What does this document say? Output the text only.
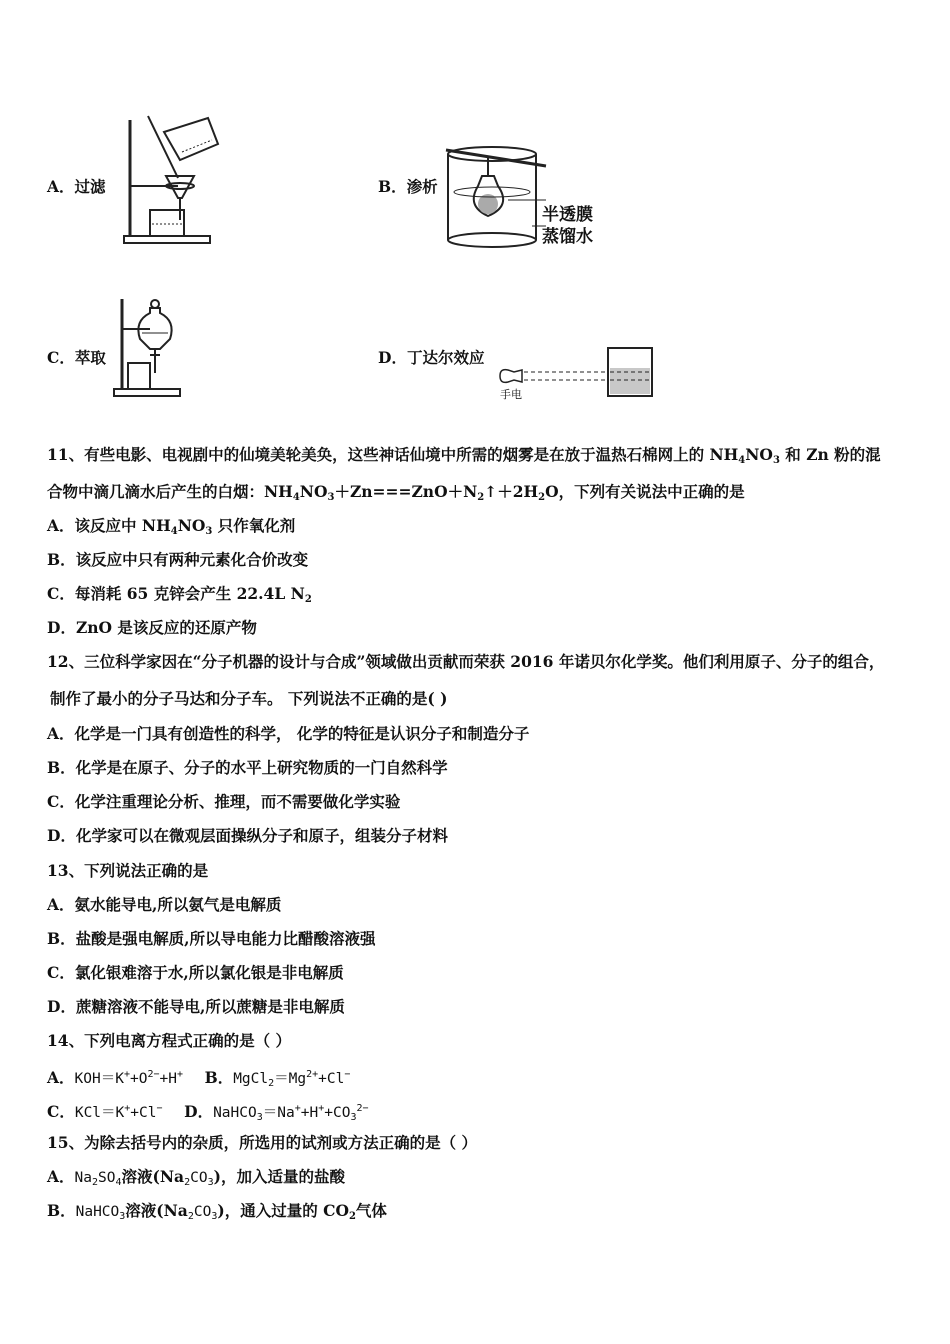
A．过滤	B．渗析
半透膜
蒸馏水
C．萃取	D．丁达尔效应
手电
11、有些电影、电视剧中的仙境美轮美奂，这些神话仙境中所需的烟雾是在放于温热石棉网上的 $NH_4NO_3$ 和 Zn 粉的混
合物中滴几滴水后产生的白烟：$NH_4NO_3+Zn===ZnO+N_2↑+2H_2O$，下列有关说法中正确的是
A．该反应中 $NH_4NO_3$ 只作氧化剂
B．该反应中只有两种元素化合价改变
C．每消耗 65 克锌会产生 22.4L $N_2$
D．ZnO 是该反应的还原产物
12、三位科学家因在“分子机器的设计与合成”领域做出贡献而荣获 2016 年诺贝尔化学奖。他们利用原子、分子的组合，
制作了最小的分子马达和分子车。 下列说法不正确的是( )
A．化学是一门具有创造性的科学， 化学的特征是认识分子和制造分子
B．化学是在原子、分子的水平上研究物质的一门自然科学
C．化学注重理论分析、推理，而不需要做化学实验
D．化学家可以在微观层面操纵分子和原子，组装分子材料
13、下列说法正确的是
A．氨水能导电,所以氨气是电解质
B．盐酸是强电解质,所以导电能力比醋酸溶液强
C．氯化银难溶于水,所以氯化银是非电解质
D．蔗糖溶液不能导电,所以蔗糖是非电解质
14、下列电离方程式正确的是（ ）
A．$KOH=K^++O^{2-}+H^+$ B．$MgCl_2=Mg^{2+}+Cl^-$
C．KCl＝K++Cl− D．$NaHCO_3=Na^++H^++CO_3^{2-}$
15、为除去括号内的杂质，所选用的试剂或方法正确的是（ ）
A．$Na_2SO_4$溶液$(Na_2CO_3)$，加入适量的盐酸
B．NaHCO$_3$溶液$(Na_2CO_3)$，通入过量的 $CO_2$气体
